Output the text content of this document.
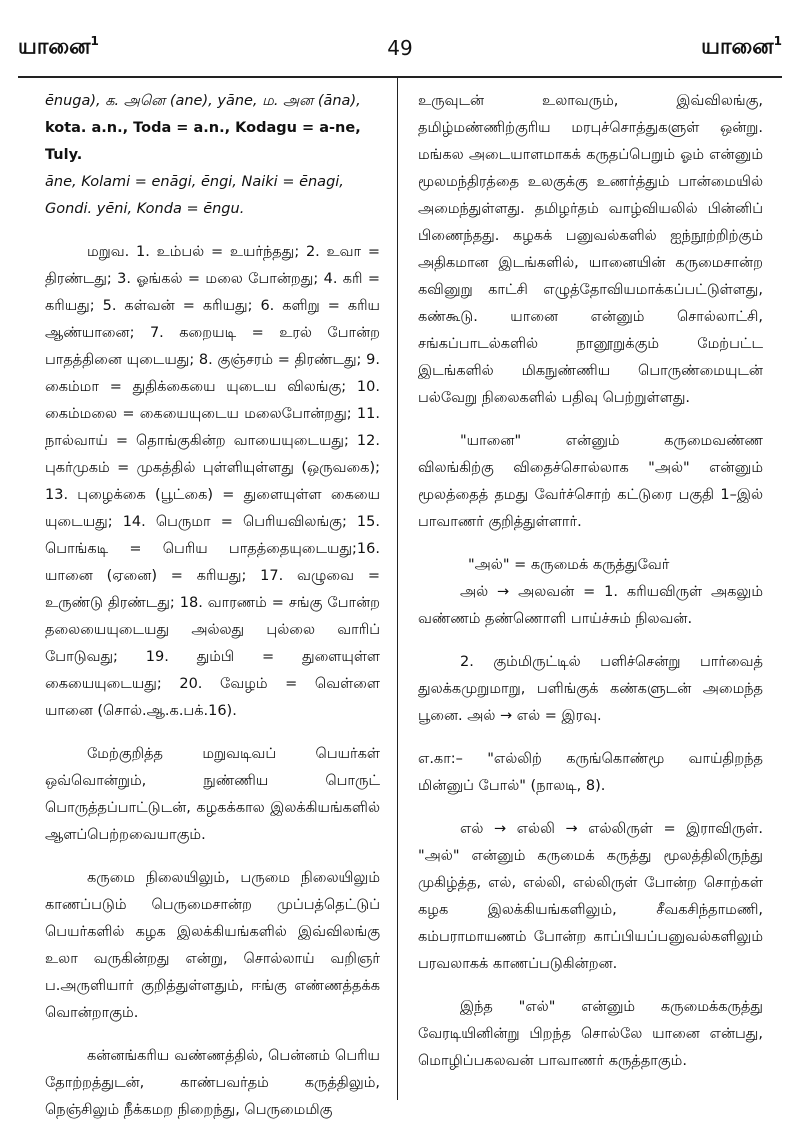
யானை$^1$	49	யானை$^1$

ēnuga), க. அனெ (ane), yāne, ம. அன (āna),
kota. a.n., Toda = a.n., Kodagu = a-ne, Tuly.
āne, Kolami = enāgi, ēngi, Naiki = ēnagi,
Gondi. yēni, Konda = ēngu.

மறுவ. 1. உம்பல் = உயர்ந்தது; 2. உவா = திரண்டது; 3. ஓங்கல் = மலை போன்றது; 4. கரி = கரியது; 5. கள்வன் = கரியது; 6. களிறு = கரிய ஆண்யானை; 7. கறையடி = உரல் போன்ற பாதத்தினை யுடையது; 8. குஞ்சரம் = திரண்டது; 9. கைம்மா = துதிக்கையை யுடைய விலங்கு; 10. கைம்மலை = கையையுடைய மலைபோன்றது; 11. நால்வாய் = தொங்குகின்ற வாயையுடையது; 12. புகர்முகம் = முகத்தில் புள்ளியுள்ளது (ஒருவகை); 13. புழைக்கை (பூட்கை) = துளையுள்ள கையை யுடையது; 14. பெருமா = பெரியவிலங்கு; 15. பொங்கடி = பெரிய பாதத்தையுடையது;16. யானை (ஏனை) = கரியது; 17. வழுவை = உருண்டு திரண்டது; 18. வாரணம் = சங்கு போன்ற தலையையுடையது அல்லது புல்லை வாரிப் போடுவது; 19. தும்பி = துளையுள்ள கையையுடையது; 20. வேழம் = வெள்ளை யானை (சொல்.ஆ.க.பக்.16).

மேற்குறித்த மறுவடிவப் பெயர்கள் ஒவ்வொன்றும், நுண்ணிய பொருட் பொருத்தப்பாட்டுடன், கழகக்கால இலக்கியங்களில் ஆளப்பெற்றவையாகும்.

கருமை நிலையிலும், பருமை நிலையிலும் காணப்படும் பெருமைசான்ற முப்பத்தெட்டுப் பெயர்களில் கழக இலக்கியங்களில் இவ்விலங்கு உலா வருகின்றது என்று, சொல்லாய் வறிஞர் ப.அருளியார் குறித்துள்ளதும், ஈங்கு எண்ணத்தக்க வொன்றாகும்.

கன்னங்கரிய வண்ணத்தில், பென்னம் பெரிய தோற்றத்துடன், காண்பவர்தம் கருத்திலும், நெஞ்சிலும் நீக்கமற நிறைந்து, பெருமைமிகு

உருவுடன் உலாவரும், இவ்விலங்கு, தமிழ்மண்ணிற்குரிய மரபுச்சொத்துகளுள் ஒன்று. மங்கல அடையாளமாகக் கருதப்பெறும் ஓம் என்னும் மூலமந்திரத்தை உலகுக்கு உணர்த்தும் பான்மையில் அமைந்துள்ளது. தமிழர்தம் வாழ்வியலில் பின்னிப் பிணைந்தது. கழகக் பனுவல்களில் ஐந்நூற்றிற்கும் அதிகமான இடங்களில், யானையின் கருமைசான்ற கவினுறு காட்சி எழுத்தோவியமாக்கப்பட்டுள்ளது, கண்கூடு. யானை என்னும் சொல்லாட்சி, சங்கப்பாடல்களில் நானூறுக்கும் மேற்பட்ட இடங்களில் மிகநுண்ணிய பொருண்மையுடன் பல்வேறு நிலைகளில் பதிவு பெற்றுள்ளது.

"யானை" என்னும் கருமைவண்ண விலங்கிற்கு விதைச்சொல்லாக "அல்" என்னும் மூலத்தைத் தமது வேர்ச்சொற் கட்டுரை பகுதி 1–இல் பாவாணர் குறித்துள்ளார்.

"அல்" = கருமைக் கருத்துவேர்

அல் → அலவன் = 1. கரியவிருள் அகலும் வண்ணம் தண்ணொளி பாய்ச்சும் நிலவன்.

2. கும்மிருட்டில் பளிச்சென்று பார்வைத் துலக்கமுறுமாறு, பளிங்குக் கண்களுடன் அமைந்த பூனை. அல் → எல் = இரவு.

எ.கா:– "எல்லிற் கருங்கொண்மூ வாய்திறந்த மின்னுப் போல்" (நாலடி, 8).

எல் → எல்லி → எல்லிருள் = இராவிருள். "அல்" என்னும் கருமைக் கருத்து மூலத்திலிருந்து முகிழ்த்த, எல், எல்லி, எல்லிருள் போன்ற சொற்கள் கழக இலக்கியங்களிலும், சீவகசிந்தாமணி, கம்பராமாயணம் போன்ற காப்பியப்பனுவல்களிலும் பரவலாகக் காணப்படுகின்றன.

இந்த "எல்" என்னும் கருமைக்கருத்து வேரடியினின்று பிறந்த சொல்லே யானை என்பது, மொழிப்பகலவன் பாவாணர் கருத்தாகும்.
